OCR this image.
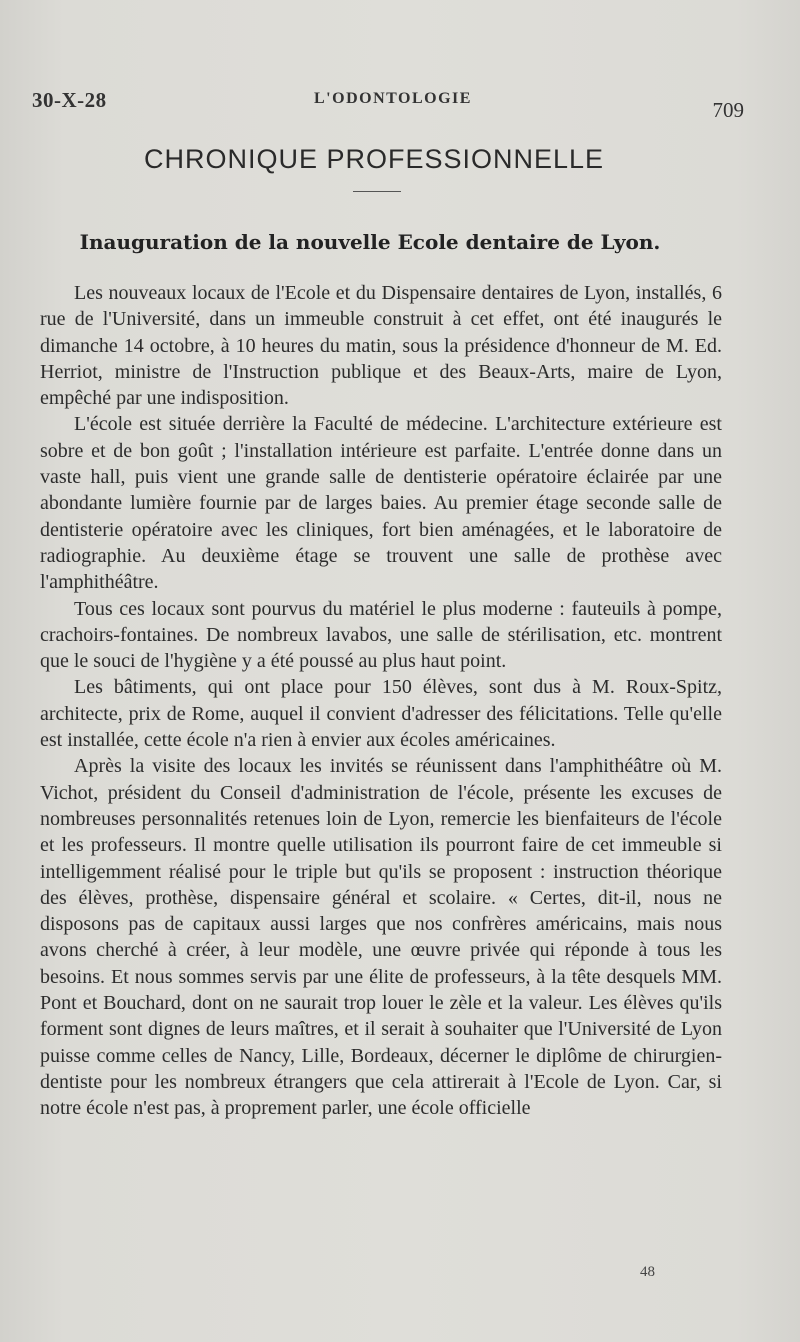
30-X-28	L'ODONTOLOGIE	709
CHRONIQUE PROFESSIONNELLE
Inauguration de la nouvelle Ecole dentaire de Lyon.

Les nouveaux locaux de l'Ecole et du Dispensaire dentaires de Lyon, installés, 6 rue de l'Université, dans un immeuble construit à cet effet, ont été inaugurés le dimanche 14 octobre, à 10 heures du matin, sous la présidence d'honneur de M. Ed. Herriot, ministre de l'Instruction publique et des Beaux-Arts, maire de Lyon, empêché par une indisposition.

L'école est située derrière la Faculté de médecine. L'architecture extérieure est sobre et de bon goût ; l'installation intérieure est parfaite. L'entrée donne dans un vaste hall, puis vient une grande salle de dentisterie opératoire éclairée par une abondante lumière fournie par de larges baies. Au premier étage seconde salle de dentisterie opératoire avec les cliniques, fort bien aménagées, et le laboratoire de radiographie. Au deuxième étage se trouvent une salle de prothèse avec l'amphithéâtre.

Tous ces locaux sont pourvus du matériel le plus moderne : fauteuils à pompe, crachoirs-fontaines. De nombreux lavabos, une salle de stérilisation, etc. montrent que le souci de l'hygiène y a été poussé au plus haut point.

Les bâtiments, qui ont place pour 150 élèves, sont dus à M. Roux-Spitz, architecte, prix de Rome, auquel il convient d'adresser des félicitations. Telle qu'elle est installée, cette école n'a rien à envier aux écoles américaines.

Après la visite des locaux les invités se réunissent dans l'amphithéâtre où M. Vichot, président du Conseil d'administration de l'école, présente les excuses de nombreuses personnalités retenues loin de Lyon, remercie les bienfaiteurs de l'école et les professeurs. Il montre quelle utilisation ils pourront faire de cet immeuble si intelligemment réalisé pour le triple but qu'ils se proposent : instruction théorique des élèves, prothèse, dispensaire général et scolaire. « Certes, dit-il, nous ne disposons pas de capitaux aussi larges que nos confrères américains, mais nous avons cherché à créer, à leur modèle, une œuvre privée qui réponde à tous les besoins. Et nous sommes servis par une élite de professeurs, à la tête desquels MM. Pont et Bouchard, dont on ne saurait trop louer le zèle et la valeur. Les élèves qu'ils forment sont dignes de leurs maîtres, et il serait à souhaiter que l'Université de Lyon puisse comme celles de Nancy, Lille, Bordeaux, décerner le diplôme de chirurgien-dentiste pour les nombreux étrangers que cela attirerait à l'Ecole de Lyon. Car, si notre école n'est pas, à proprement parler, une école officielle

48
